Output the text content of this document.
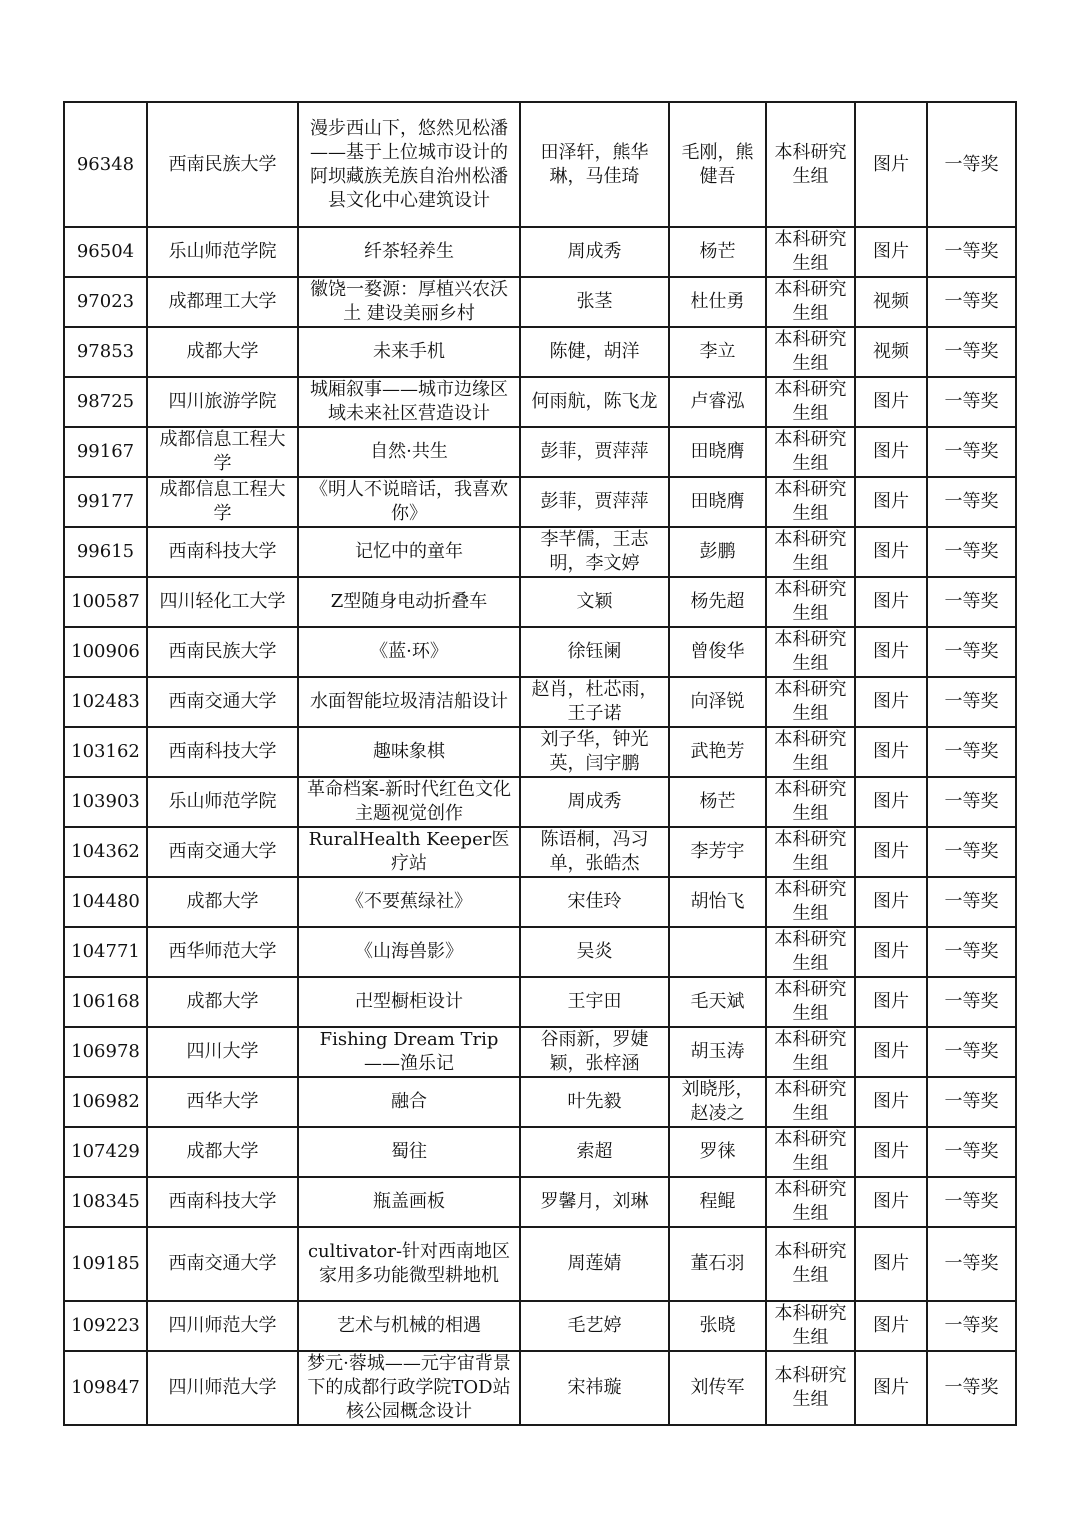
96348	西南民族大学	漫步西山下，悠然见松潘——基于上位城市设计的阿坝藏族羌族自治州松潘县文化中心建筑设计	田泽轩，熊华琳，马佳琦	毛刚，熊健吾	本科研究生组	图片	一等奖
96504	乐山师范学院	纤茶轻养生	周成秀	杨芒	本科研究生组	图片	一等奖
97023	成都理工大学	徽饶一婺源：厚植兴农沃土 建设美丽乡村	张茎	杜仕勇	本科研究生组	视频	一等奖
97853	成都大学	未来手机	陈健，胡洋	李立	本科研究生组	视频	一等奖
98725	四川旅游学院	城厢叙事——城市边缘区域未来社区营造设计	何雨航，陈飞龙	卢睿泓	本科研究生组	图片	一等奖
99167	成都信息工程大学	自然·共生	彭菲，贾萍萍	田晓膺	本科研究生组	图片	一等奖
99177	成都信息工程大学	《明人不说暗话，我喜欢你》	彭菲，贾萍萍	田晓膺	本科研究生组	图片	一等奖
99615	西南科技大学	记忆中的童年	李芊儒，王志明，李文婷	彭鹏	本科研究生组	图片	一等奖
100587	四川轻化工大学	Z型随身电动折叠车	文颖	杨先超	本科研究生组	图片	一等奖
100906	西南民族大学	《蓝·环》	徐钰阑	曾俊华	本科研究生组	图片	一等奖
102483	西南交通大学	水面智能垃圾清洁船设计	赵肖，杜芯雨，王子诺	向泽锐	本科研究生组	图片	一等奖
103162	西南科技大学	趣味象棋	刘子华，钟光英，闫宇鹏	武艳芳	本科研究生组	图片	一等奖
103903	乐山师范学院	革命档案-新时代红色文化主题视觉创作	周成秀	杨芒	本科研究生组	图片	一等奖
104362	西南交通大学	RuralHealth Keeper医疗站	陈语桐，冯习单，张皓杰	李芳宇	本科研究生组	图片	一等奖
104480	成都大学	《不要蕉绿社》	宋佳玲	胡怡飞	本科研究生组	图片	一等奖
104771	西华师范大学	《山海兽影》	吴炎		本科研究生组	图片	一等奖
106168	成都大学	卍型橱柜设计	王宇田	毛天斌	本科研究生组	图片	一等奖
106978	四川大学	Fishing Dream Trip——渔乐记	谷雨新，罗婕颖，张梓涵	胡玉涛	本科研究生组	图片	一等奖
106982	西华大学	融合	叶先毅	刘晓彤，赵凌之	本科研究生组	图片	一等奖
107429	成都大学	蜀往	索超	罗徕	本科研究生组	图片	一等奖
108345	西南科技大学	瓶盖画板	罗馨月，刘琳	程鲲	本科研究生组	图片	一等奖
109185	西南交通大学	cultivator-针对西南地区家用多功能微型耕地机	周莲婧	董石羽	本科研究生组	图片	一等奖
109223	四川师范大学	艺术与机械的相遇	毛艺婷	张晓	本科研究生组	图片	一等奖
109847	四川师范大学	梦元·蓉城——元宇宙背景下的成都行政学院TOD站核公园概念设计	宋祎璇	刘传军	本科研究生组	图片	一等奖
